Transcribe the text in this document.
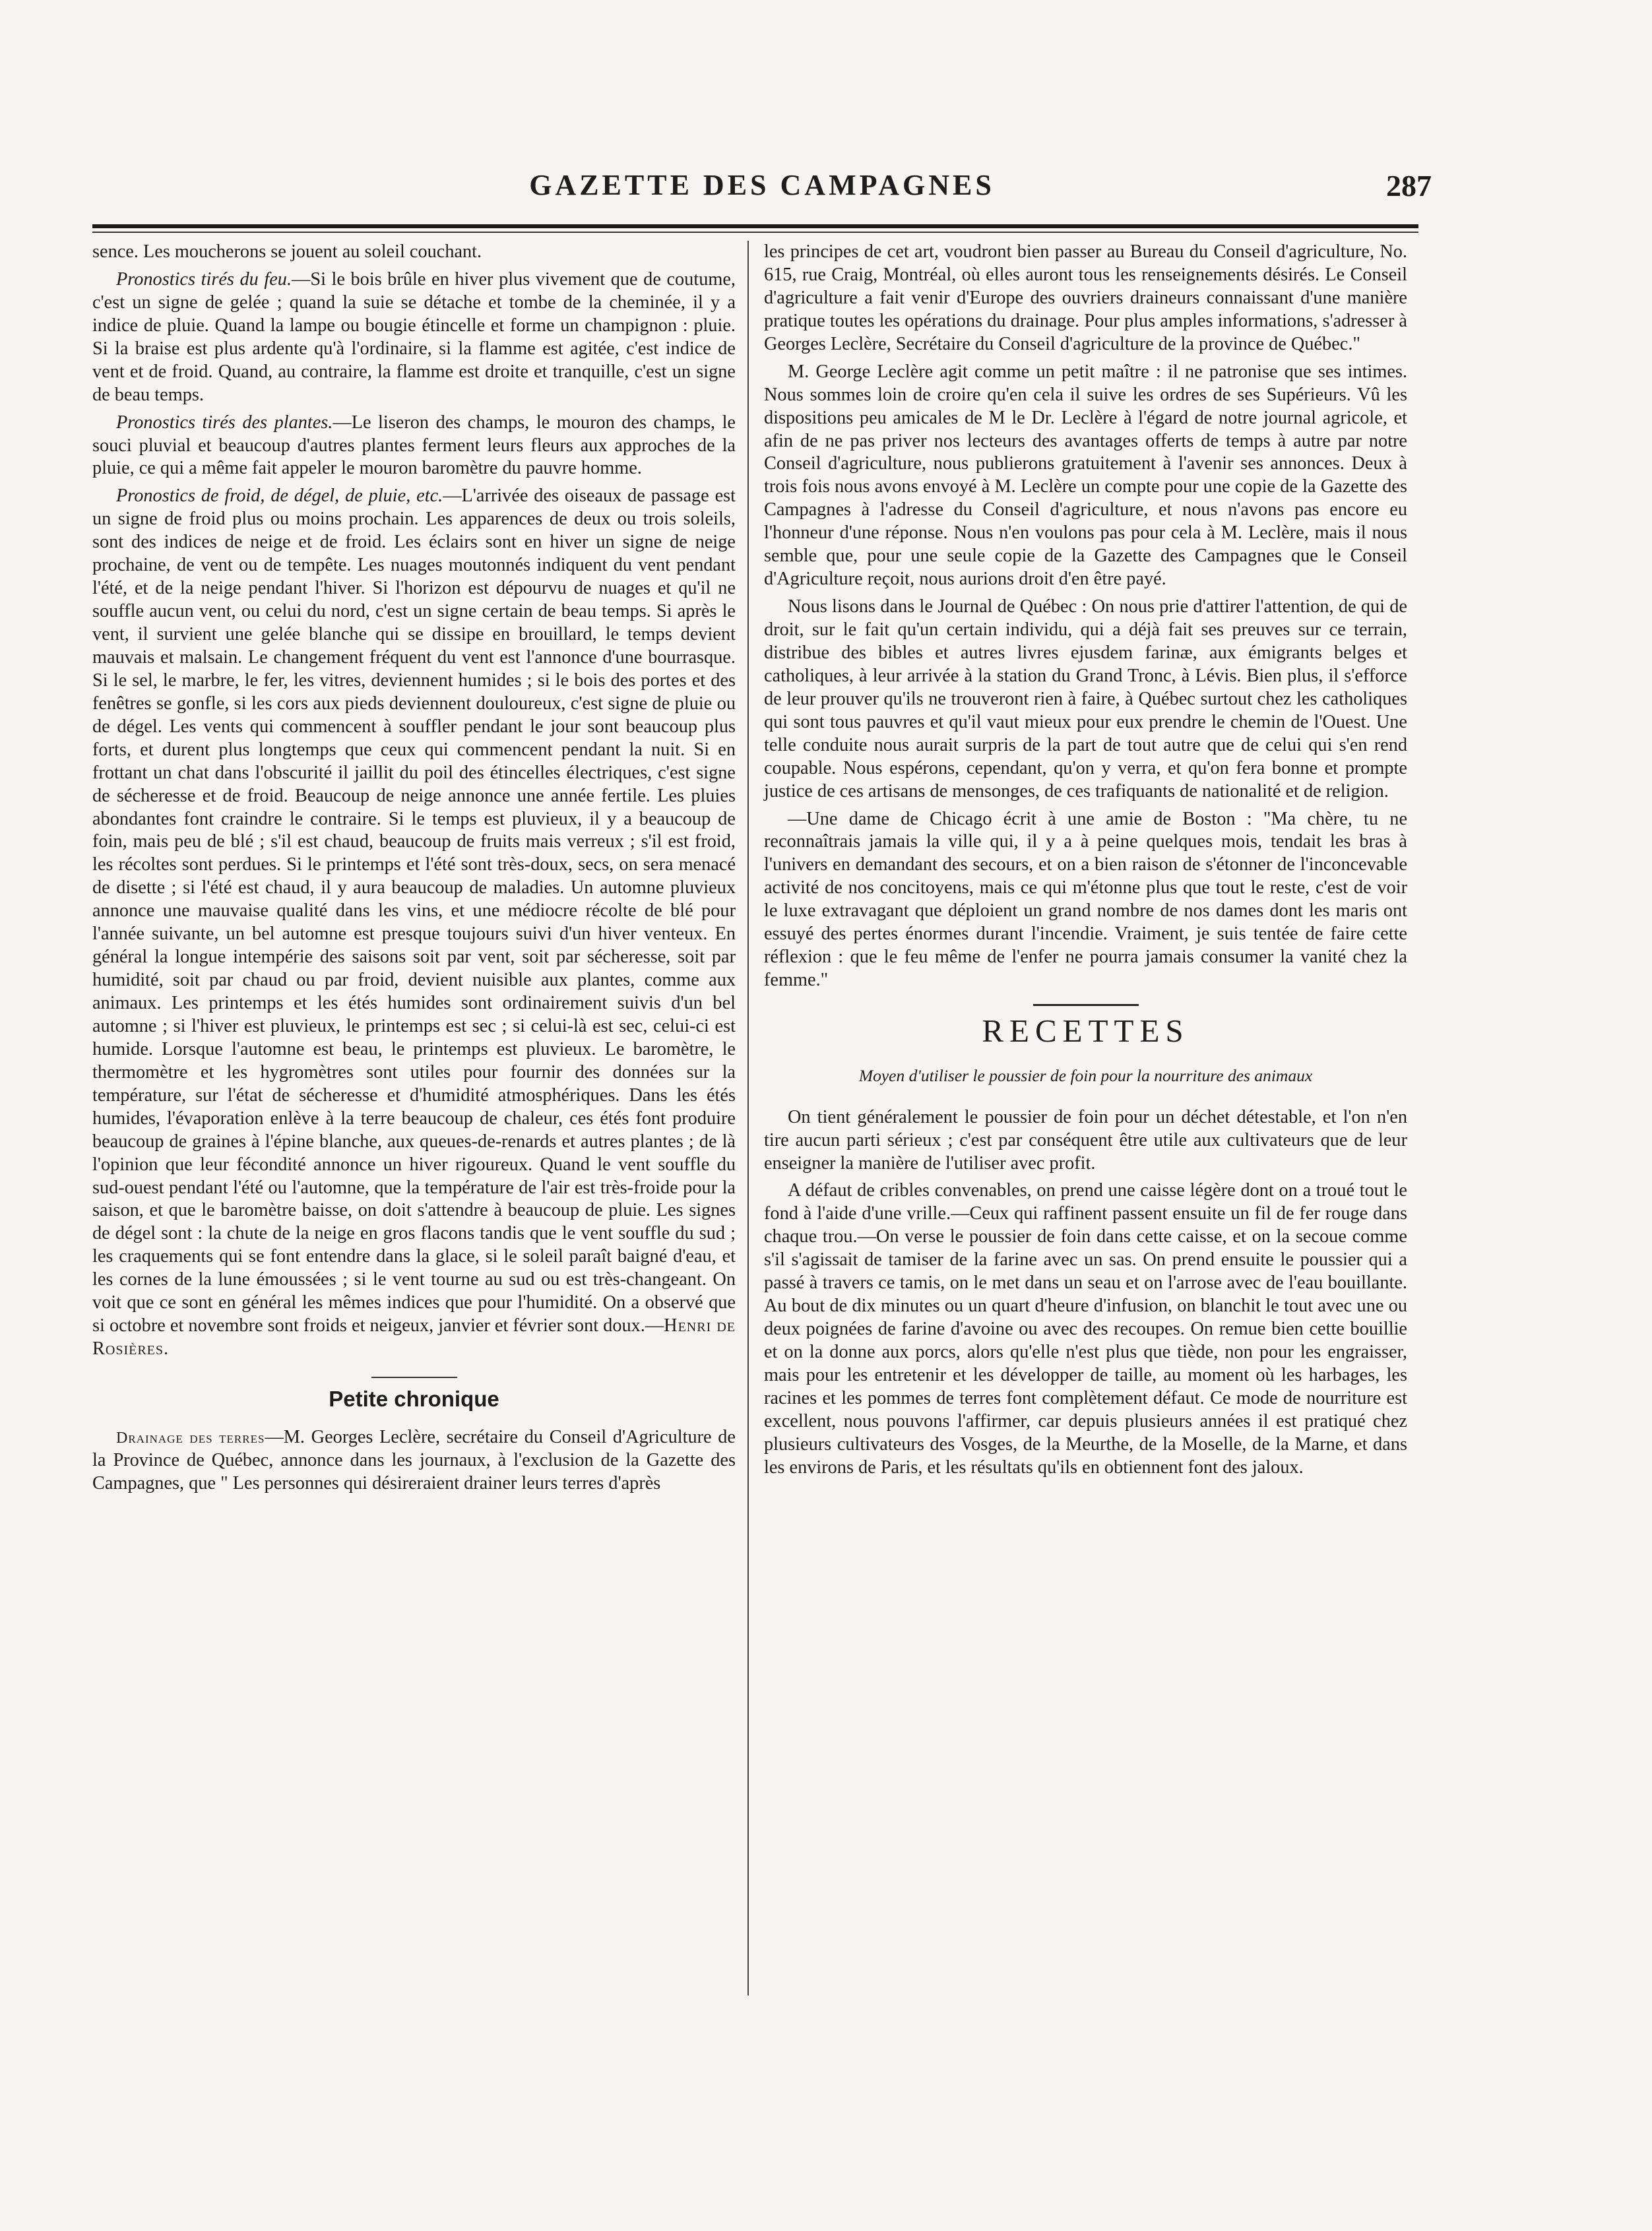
GAZETTE DES CAMPAGNES	287

sence. Les moucherons se jouent au soleil couchant.

Pronostics tirés du feu.—Si le bois brûle en hiver plus vivement que de coutume, c'est un signe de gelée ; quand la suie se détache et tombe de la cheminée, il y a indice de pluie. Quand la lampe ou bougie étincelle et forme un champignon : pluie. Si la braise est plus ardente qu'à l'ordinaire, si la flamme est agitée, c'est indice de vent et de froid. Quand, au contraire, la flamme est droite et tranquille, c'est un signe de beau temps.

Pronostics tirés des plantes.—Le liseron des champs, le mouron des champs, le souci pluvial et beaucoup d'autres plantes ferment leurs fleurs aux approches de la pluie, ce qui a même fait appeler le mouron baromètre du pauvre homme.

Pronostics de froid, de dégel, de pluie, etc.—L'arrivée des oiseaux de passage est un signe de froid plus ou moins prochain. Les apparences de deux ou trois soleils, sont des indices de neige et de froid. Les éclairs sont en hiver un signe de neige prochaine, de vent ou de tempête. Les nuages moutonnés indiquent du vent pendant l'été, et de la neige pendant l'hiver. Si l'horizon est dépourvu de nuages et qu'il ne souffle aucun vent, ou celui du nord, c'est un signe certain de beau temps. Si après le vent, il survient une gelée blanche qui se dissipe en brouillard, le temps devient mauvais et malsain. Le changement fréquent du vent est l'annonce d'une bourrasque. Si le sel, le marbre, le fer, les vitres, deviennent humides ; si le bois des portes et des fenêtres se gonfle, si les cors aux pieds deviennent douloureux, c'est signe de pluie ou de dégel. Les vents qui commencent à souffler pendant le jour sont beaucoup plus forts, et durent plus longtemps que ceux qui commencent pendant la nuit. Si en frottant un chat dans l'obscurité il jaillit du poil des étincelles électriques, c'est signe de sécheresse et de froid. Beaucoup de neige annonce une année fertile. Les pluies abondantes font craindre le contraire. Si le temps est pluvieux, il y a beaucoup de foin, mais peu de blé ; s'il est chaud, beaucoup de fruits mais verreux ; s'il est froid, les récoltes sont perdues. Si le printemps et l'été sont très-doux, secs, on sera menacé de disette ; si l'été est chaud, il y aura beaucoup de maladies. Un automne pluvieux annonce une mauvaise qualité dans les vins, et une médiocre récolte de blé pour l'année suivante, un bel automne est presque toujours suivi d'un hiver venteux. En général la longue intempérie des saisons soit par vent, soit par sécheresse, soit par humidité, soit par chaud ou par froid, devient nuisible aux plantes, comme aux animaux. Les printemps et les étés humides sont ordinairement suivis d'un bel automne ; si l'hiver est pluvieux, le printemps est sec ; si celui-là est sec, celui-ci est humide. Lorsque l'automne est beau, le printemps est pluvieux. Le baromètre, le thermomètre et les hygromètres sont utiles pour fournir des données sur la température, sur l'état de sécheresse et d'humidité atmosphériques. Dans les étés humides, l'évaporation enlève à la terre beaucoup de chaleur, ces étés font produire beaucoup de graines à l'épine blanche, aux queues-de-renards et autres plantes ; de là l'opinion que leur fécondité annonce un hiver rigoureux. Quand le vent souffle du sud-ouest pendant l'été ou l'automne, que la température de l'air est très-froide pour la saison, et que le baromètre baisse, on doit s'attendre à beaucoup de pluie. Les signes de dégel sont : la chute de la neige en gros flacons tandis que le vent souffle du sud ; les craquements qui se font entendre dans la glace, si le soleil paraît baigné d'eau, et les cornes de la lune émoussées ; si le vent tourne au sud ou est très-changeant. On voit que ce sont en général les mêmes indices que pour l'humidité. On a observé que si octobre et novembre sont froids et neigeux, janvier et février sont doux.—Henri de Rosières.

Petite chronique

Drainage des terres—M. Georges Leclère, secrétaire du Conseil d'Agriculture de la Province de Québec, annonce dans les journaux, à l'exclusion de la Gazette des Campagnes, que " Les personnes qui désireraient drainer leurs terres d'après

les principes de cet art, voudront bien passer au Bureau du Conseil d'agriculture, No. 615, rue Craig, Montréal, où elles auront tous les renseignements désirés. Le Conseil d'agriculture a fait venir d'Europe des ouvriers draineurs connaissant d'une manière pratique toutes les opérations du drainage. Pour plus amples informations, s'adresser à Georges Leclère, Secrétaire du Conseil d'agriculture de la province de Québec."

M. George Leclère agit comme un petit maître : il ne patronise que ses intimes. Nous sommes loin de croire qu'en cela il suive les ordres de ses Supérieurs. Vû les dispositions peu amicales de M le Dr. Leclère à l'égard de notre journal agricole, et afin de ne pas priver nos lecteurs des avantages offerts de temps à autre par notre Conseil d'agriculture, nous publierons gratuitement à l'avenir ses annonces. Deux à trois fois nous avons envoyé à M. Leclère un compte pour une copie de la Gazette des Campagnes à l'adresse du Conseil d'agriculture, et nous n'avons pas encore eu l'honneur d'une réponse. Nous n'en voulons pas pour cela à M. Leclère, mais il nous semble que, pour une seule copie de la Gazette des Campagnes que le Conseil d'Agriculture reçoit, nous aurions droit d'en être payé.

Nous lisons dans le Journal de Québec : On nous prie d'attirer l'attention, de qui de droit, sur le fait qu'un certain individu, qui a déjà fait ses preuves sur ce terrain, distribue des bibles et autres livres ejusdem farinæ, aux émigrants belges et catholiques, à leur arrivée à la station du Grand Tronc, à Lévis. Bien plus, il s'efforce de leur prouver qu'ils ne trouveront rien à faire, à Québec surtout chez les catholiques qui sont tous pauvres et qu'il vaut mieux pour eux prendre le chemin de l'Ouest. Une telle conduite nous aurait surpris de la part de tout autre que de celui qui s'en rend coupable. Nous espérons, cependant, qu'on y verra, et qu'on fera bonne et prompte justice de ces artisans de mensonges, de ces trafiquants de nationalité et de religion.

—Une dame de Chicago écrit à une amie de Boston : "Ma chère, tu ne reconnaîtrais jamais la ville qui, il y a à peine quelques mois, tendait les bras à l'univers en demandant des secours, et on a bien raison de s'étonner de l'inconcevable activité de nos concitoyens, mais ce qui m'étonne plus que tout le reste, c'est de voir le luxe extravagant que déploient un grand nombre de nos dames dont les maris ont essuyé des pertes énormes durant l'incendie. Vraiment, je suis tentée de faire cette réflexion : que le feu même de l'enfer ne pourra jamais consumer la vanité chez la femme."

RECETTES
Moyen d'utiliser le poussier de foin pour la nourriture des animaux

On tient généralement le poussier de foin pour un déchet détestable, et l'on n'en tire aucun parti sérieux ; c'est par conséquent être utile aux cultivateurs que de leur enseigner la manière de l'utiliser avec profit.

A défaut de cribles convenables, on prend une caisse légère dont on a troué tout le fond à l'aide d'une vrille.—Ceux qui raffinent passent ensuite un fil de fer rouge dans chaque trou.—On verse le poussier de foin dans cette caisse, et on la secoue comme s'il s'agissait de tamiser de la farine avec un sas. On prend ensuite le poussier qui a passé à travers ce tamis, on le met dans un seau et on l'arrose avec de l'eau bouillante. Au bout de dix minutes ou un quart d'heure d'infusion, on blanchit le tout avec une ou deux poignées de farine d'avoine ou avec des recoupes. On remue bien cette bouillie et on la donne aux porcs, alors qu'elle n'est plus que tiède, non pour les engraisser, mais pour les entretenir et les développer de taille, au moment où les harbages, les racines et les pommes de terres font complètement défaut. Ce mode de nourriture est excellent, nous pouvons l'affirmer, car depuis plusieurs années il est pratiqué chez plusieurs cultivateurs des Vosges, de la Meurthe, de la Moselle, de la Marne, et dans les environs de Paris, et les résultats qu'ils en obtiennent font des jaloux.
